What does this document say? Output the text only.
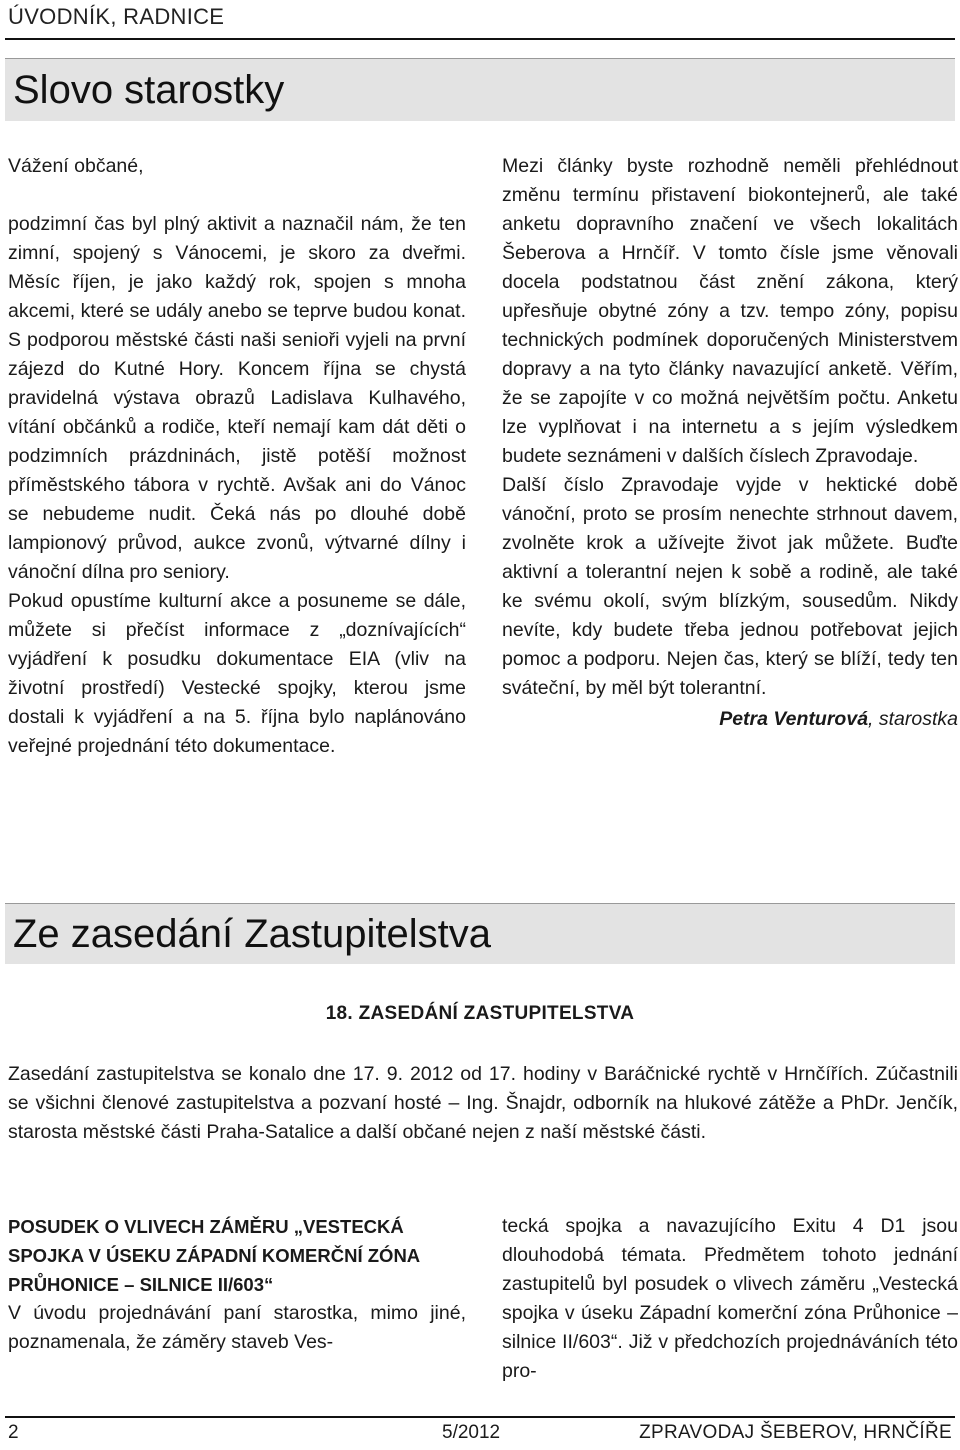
ÚVODNÍK, RADNICE
Slovo starostky

Vážení občané,

podzimní čas byl plný aktivit a naznačil nám, že ten zimní, spojený s Vánocemi, je skoro za dveřmi. Měsíc říjen, je jako každý rok, spojen s mnoha akcemi, které se udály anebo se teprve budou konat. S podporou městské části naši senioři vyjeli na první zájezd do Kutné Hory. Koncem října se chystá pravidelná výstava obrazů Ladislava Kulhavého, vítání občánků a rodiče, kteří nemají kam dát děti o podzimních prázdninách, jistě potěší možnost příměstského tábora v rychtě. Avšak ani do Vánoc se nebudeme nudit. Čeká nás po dlouhé době lampionový průvod, aukce zvonů, výtvarné dílny i vánoční dílna pro seniory.

Pokud opustíme kulturní akce a posuneme se dále, můžete si přečíst informace z „doznívajících“ vyjádření k posudku dokumentace EIA (vliv na životní prostředí) Vestecké spojky, kterou jsme dostali k vyjádření a na 5. října bylo naplánováno veřejné projednání této dokumentace.

Mezi články byste rozhodně neměli přehlédnout změnu termínu přistavení biokontejnerů, ale také anketu dopravního značení ve všech lokalitách Šeberova a Hrnčíř. V tomto čísle jsme věnovali docela podstatnou část znění zákona, který upřesňuje obytné zóny a tzv. tempo zóny, popisu technických podmínek doporučených Ministerstvem dopravy a na tyto články navazující anketě. Věřím, že se zapojíte v co možná největším počtu. Anketu lze vyplňovat i na internetu a s jejím výsledkem budete seznámeni v dalších číslech Zpravodaje.

Další číslo Zpravodaje vyjde v hektické době vánoční, proto se prosím nenechte strhnout davem, zvolněte krok a užívejte život jak můžete. Buďte aktivní a tolerantní nejen k sobě a rodině, ale také ke svému okolí, svým blízkým, sousedům. Nikdy nevíte, kdy budete třeba jednou potřebovat jejich pomoc a podporu. Nejen čas, který se blíží, tedy ten sváteční, by měl být tolerantní.

Petra Venturová, starostka

Ze zasedání Zastupitelstva
18. ZASEDÁNÍ ZASTUPITELSTVA
Zasedání zastupitelstva se konalo dne 17. 9. 2012 od 17. hodiny v Baráčnické rychtě v Hrnčířích. Zúčastnili se všichni členové zastupitelstva a pozvaní hosté – Ing. Šnajdr, odborník na hlukové zátěže a PhDr. Jenčík, starosta městské části Praha-Satalice a další občané nejen z naší městské části.

POSUDEK O VLIVECH ZÁMĚRU „VESTECKÁ SPOJKA V ÚSEKU ZÁPADNÍ KOMERČNÍ ZÓNA PRŮHONICE – SILNICE II/603“

V úvodu projednávání paní starostka, mimo jiné, poznamenala, že záměry staveb Ves-

tecká spojka a navazujícího Exitu 4 D1 jsou dlouhodobá témata. Předmětem tohoto jednání zastupitelů byl posudek o vlivech záměru „Vestecká spojka v úseku Západní komerční zóna Průhonice – silnice II/603“. Již v předchozích projednáváních této pro-

2	5/2012	ZPRAVODAJ ŠEBEROV, HRNČÍŘE
